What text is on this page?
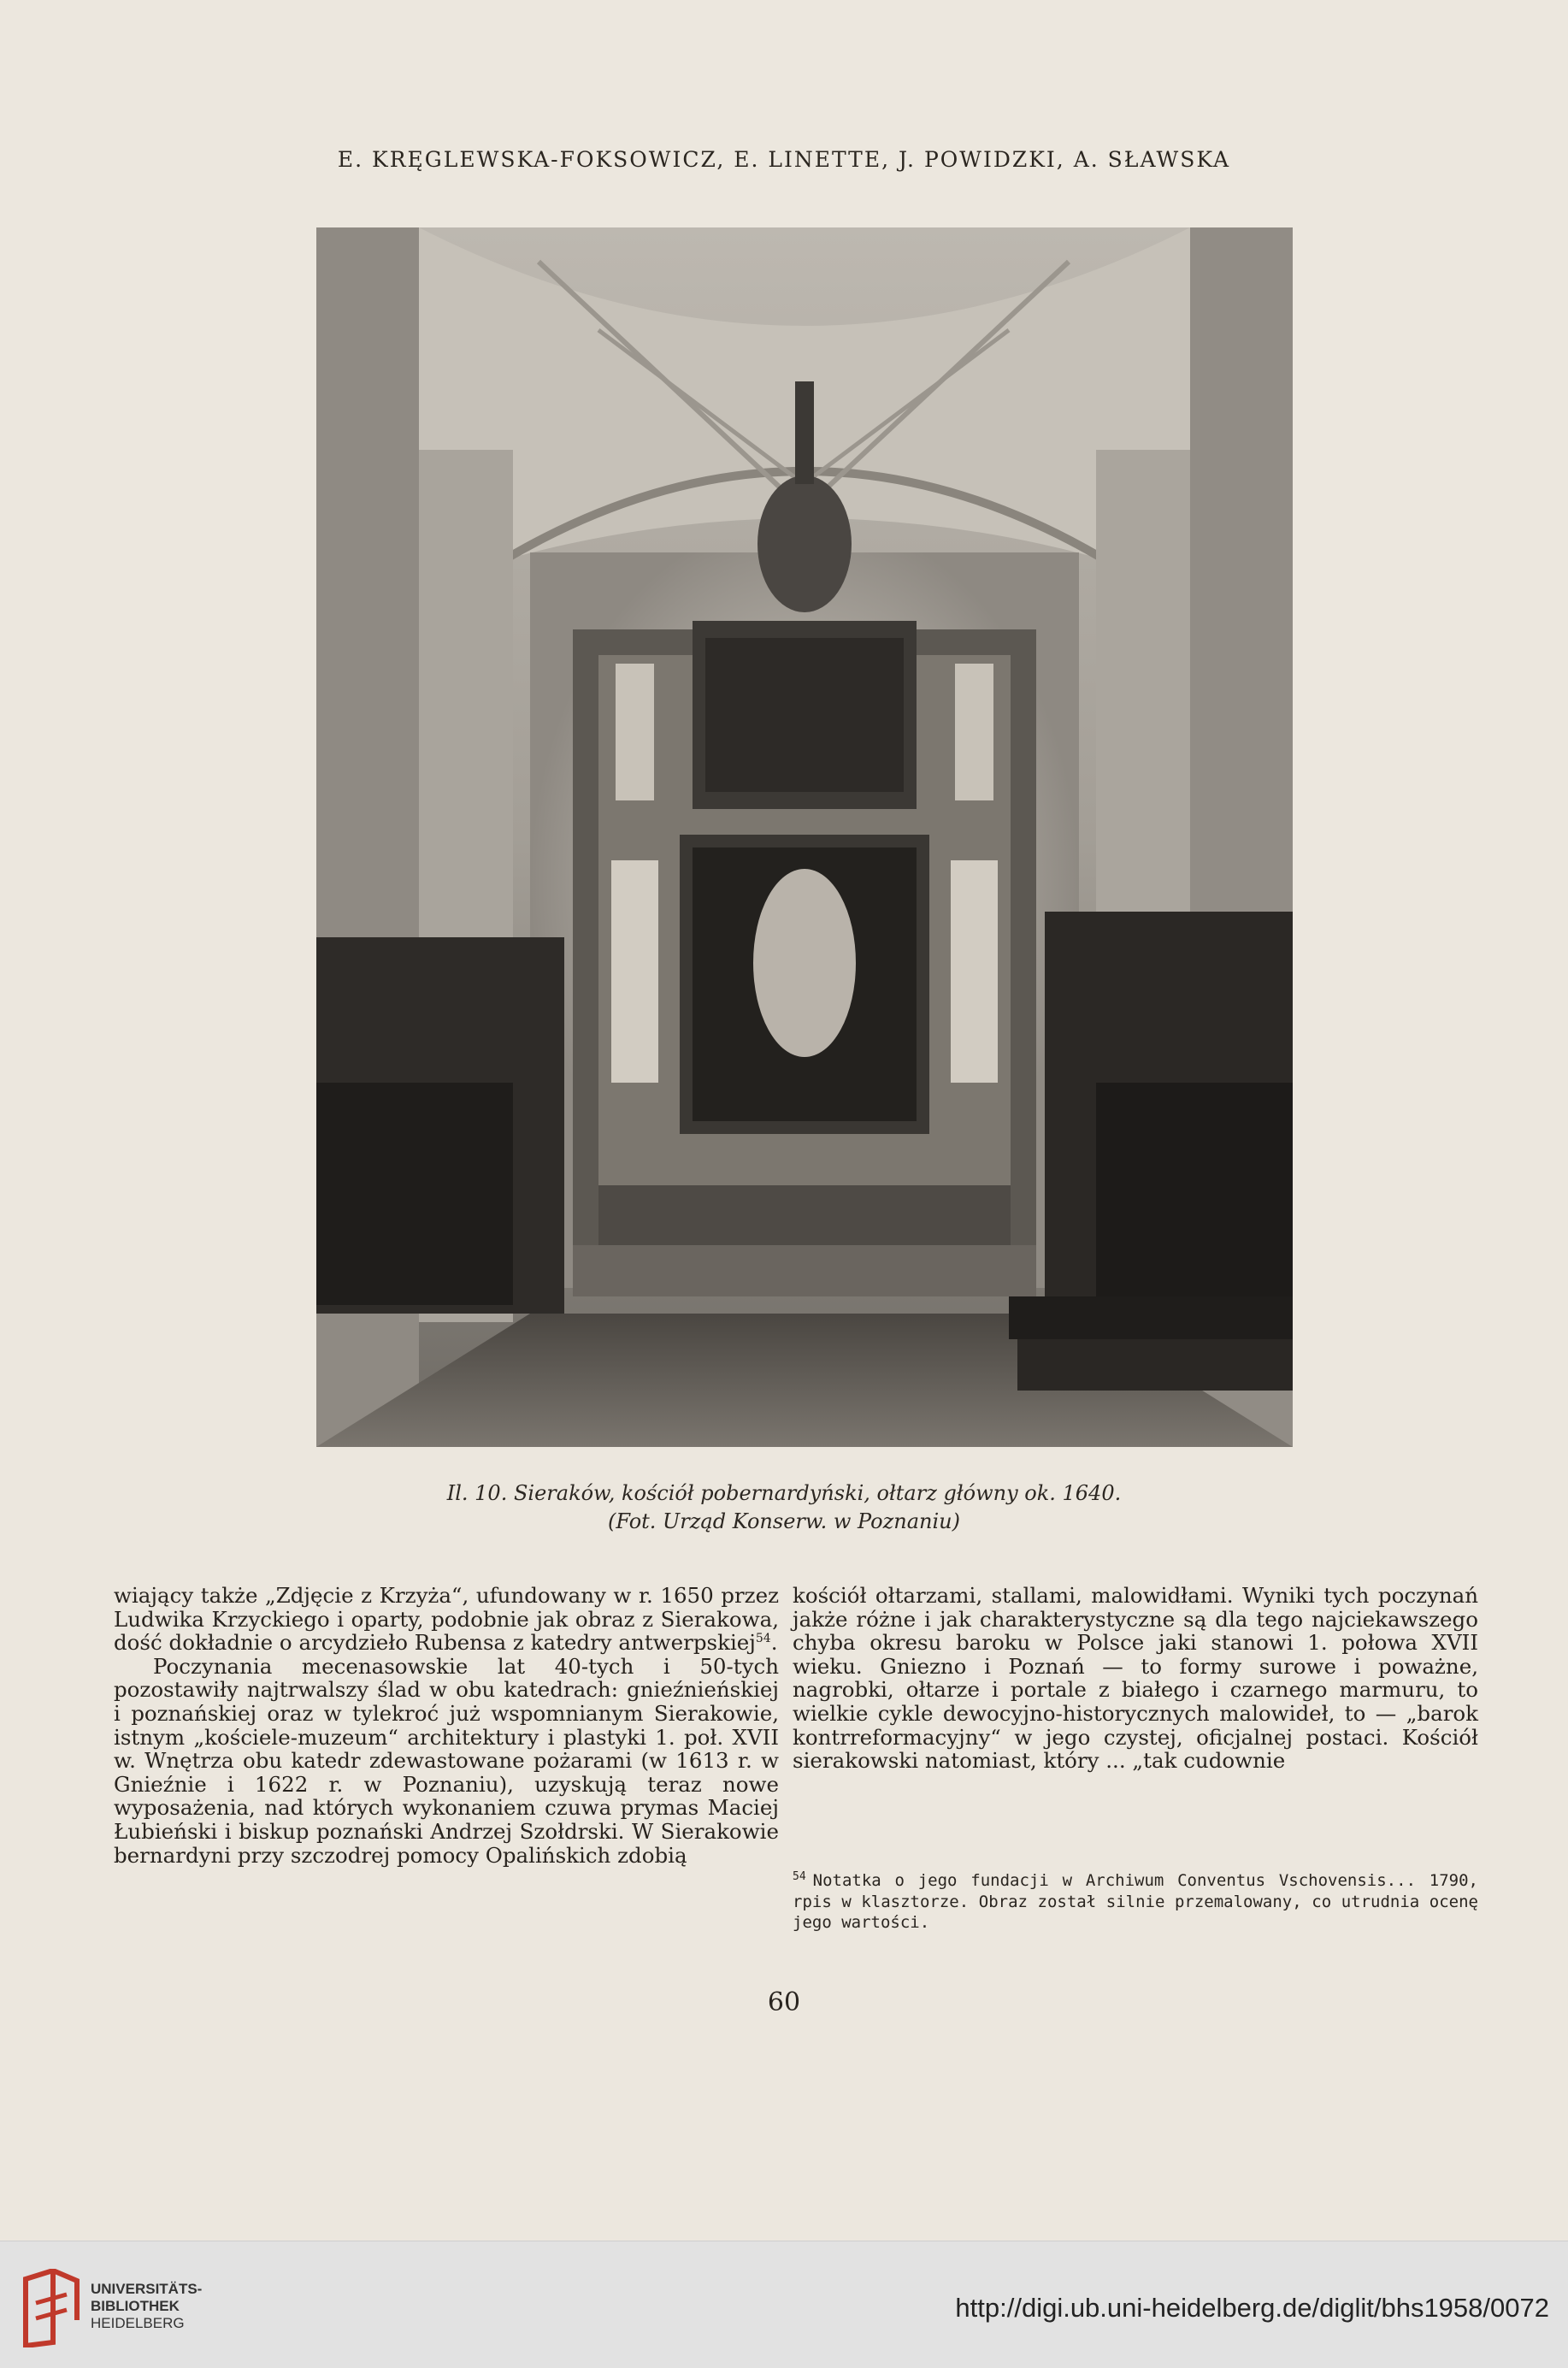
E. KRĘGLEWSKA-FOKSOWICZ, E. LINETTE, J. POWIDZKI, A. SŁAWSKA
Il. 10. Sieraków, kościół pobernardyński, ołtarz główny ok. 1640.
(Fot. Urząd Konserw. w Poznaniu)

wiający także „Zdjęcie z Krzyża“, ufundowany w r. 1650 przez Ludwika Krzyckiego i oparty, podobnie jak obraz z Sierakowa, dość dokładnie o arcydzieło Rubensa z katedry antwerpskiej$^{54}$.

Poczynania mecenasowskie lat 40-tych i 50-tych pozostawiły najtrwalszy ślad w obu katedrach: gnieźnieńskiej i poznańskiej oraz w tylekroć już wspomnianym Sierakowie, istnym „kościele-muzeum“ architektury i plastyki 1. poł. XVII w. Wnętrza obu katedr zdewastowane pożarami (w 1613 r. w Gnieźnie i 1622 r. w Poznaniu), uzyskują teraz nowe wyposażenia, nad których wykonaniem czuwa prymas Maciej Łubieński i biskup poznański Andrzej Szołdrski. W Sierakowie bernardyni przy szczodrej pomocy Opalińskich zdobią

kościół ołtarzami, stallami, malowidłami. Wyniki tych poczynań jakże różne i jak charakterystyczne są dla tego najciekawszego chyba okresu baroku w Polsce jaki stanowi 1. połowa XVII wieku. Gniezno i Poznań — to formy surowe i poważne, nagrobki, ołtarze i portale z białego i czarnego marmuru, to wielkie cykle dewocyjno-historycznych malowideł, to — „barok kontrreformacyjny“ w jego czystej, oficjalnej postaci. Kościół sierakowski natomiast, który ... „tak cudownie

$^{54}$ Notatka o jego fundacji w Archiwum Conventus Vschovensis... 1790, rpis w klasztorze. Obraz został silnie przemalowany, co utrudnia ocenę jego wartości.
60
UNIVERSITÄTS-
BIBLIOTHEK
HEIDELBERG
http://digi.ub.uni-heidelberg.de/diglit/bhs1958/0072
